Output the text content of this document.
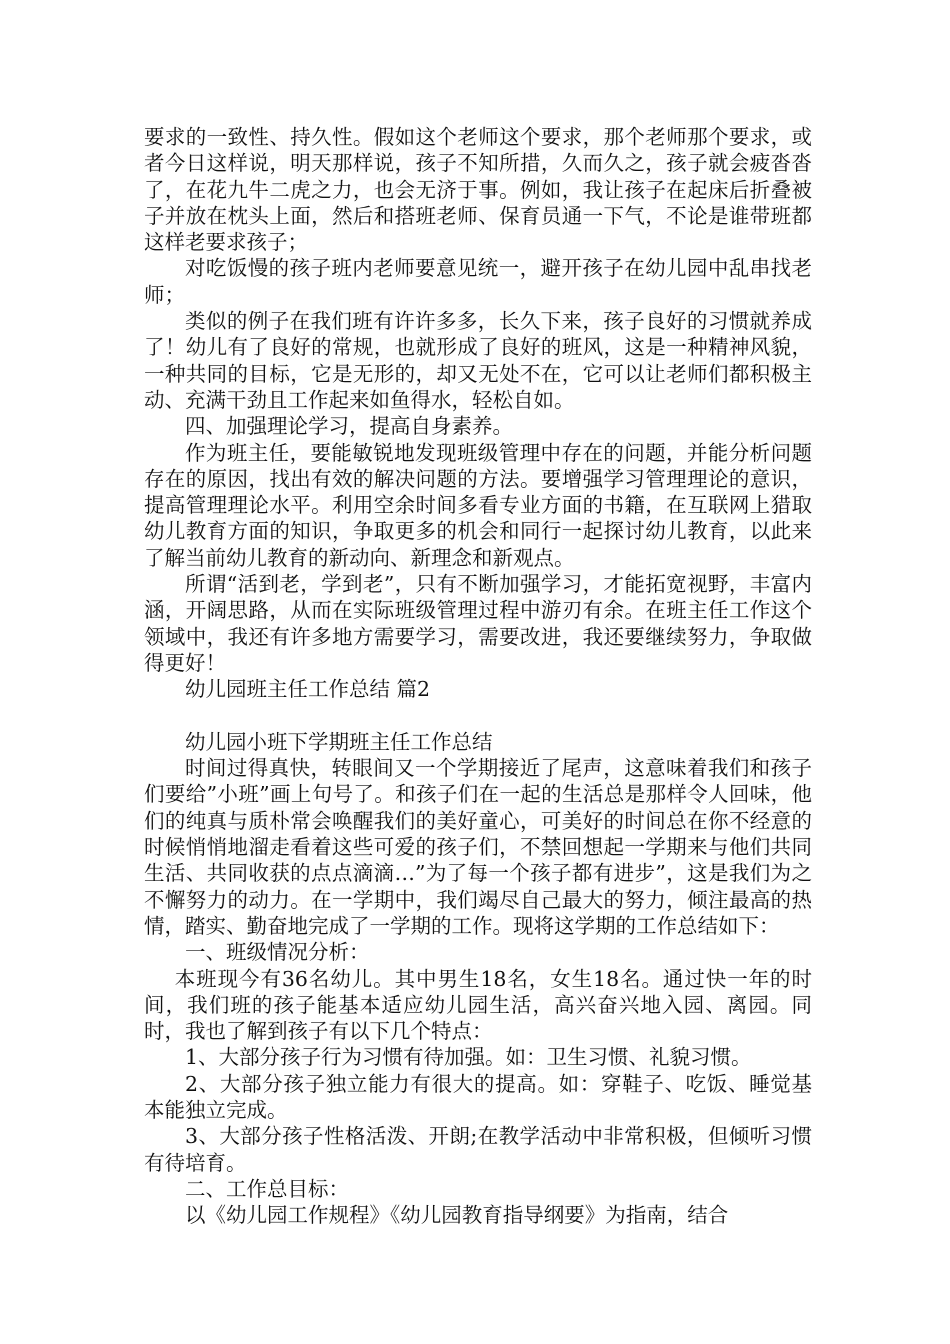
要求的一致性、持久性。假如这个老师这个要求，那个老师那个要求，或者今日这样说，明天那样说，孩子不知所措，久而久之，孩子就会疲沓沓了，在花九牛二虎之力，也会无济于事。例如，我让孩子在起床后折叠被子并放在枕头上面，然后和搭班老师、保育员通一下气，不论是谁带班都这样老要求孩子；

对吃饭慢的孩子班内老师要意见统一，避开孩子在幼儿园中乱串找老师；

类似的例子在我们班有许许多多，长久下来，孩子良好的习惯就养成了！幼儿有了良好的常规，也就形成了良好的班风，这是一种精神风貌，一种共同的目标，它是无形的，却又无处不在，它可以让老师们都积极主动、充满干劲且工作起来如鱼得水，轻松自如。

四、加强理论学习，提高自身素养。

作为班主任，要能敏锐地发现班级管理中存在的问题，并能分析问题存在的原因，找出有效的解决问题的方法。要增强学习管理理论的意识，提高管理理论水平。利用空余时间多看专业方面的书籍，在互联网上猎取幼儿教育方面的知识，争取更多的机会和同行一起探讨幼儿教育，以此来了解当前幼儿教育的新动向、新理念和新观点。

所谓“活到老，学到老”，只有不断加强学习，才能拓宽视野，丰富内涵，开阔思路，从而在实际班级管理过程中游刃有余。在班主任工作这个领域中，我还有许多地方需要学习，需要改进，我还要继续努力，争取做得更好！

幼儿园班主任工作总结 篇2

幼儿园小班下学期班主任工作总结

时间过得真快，转眼间又一个学期接近了尾声，这意味着我们和孩子们要给”小班”画上句号了。和孩子们在一起的生活总是那样令人回味，他们的纯真与质朴常会唤醒我们的美好童心，可美好的时间总在你不经意的时候悄悄地溜走看着这些可爱的孩子们，不禁回想起一学期来与他们共同生活、共同收获的点点滴滴…”为了每一个孩子都有进步”，这是我们为之不懈努力的动力。在一学期中，我们竭尽自己最大的努力，倾注最高的热情，踏实、勤奋地完成了一学期的工作。现将这学期的工作总结如下：

一、班级情况分析：

本班现今有36名幼儿。其中男生18名，女生18名。通过快一年的时间，我们班的孩子能基本适应幼儿园生活，高兴奋兴地入园、离园。同时，我也了解到孩子有以下几个特点：

1、大部分孩子行为习惯有待加强。如：卫生习惯、礼貌习惯。

2、大部分孩子独立能力有很大的提高。如：穿鞋子、吃饭、睡觉基本能独立完成。

3、大部分孩子性格活泼、开朗;在教学活动中非常积极，但倾听习惯有待培育。

二、工作总目标：

以《幼儿园工作规程》《幼儿园教育指导纲要》为指南，结合
